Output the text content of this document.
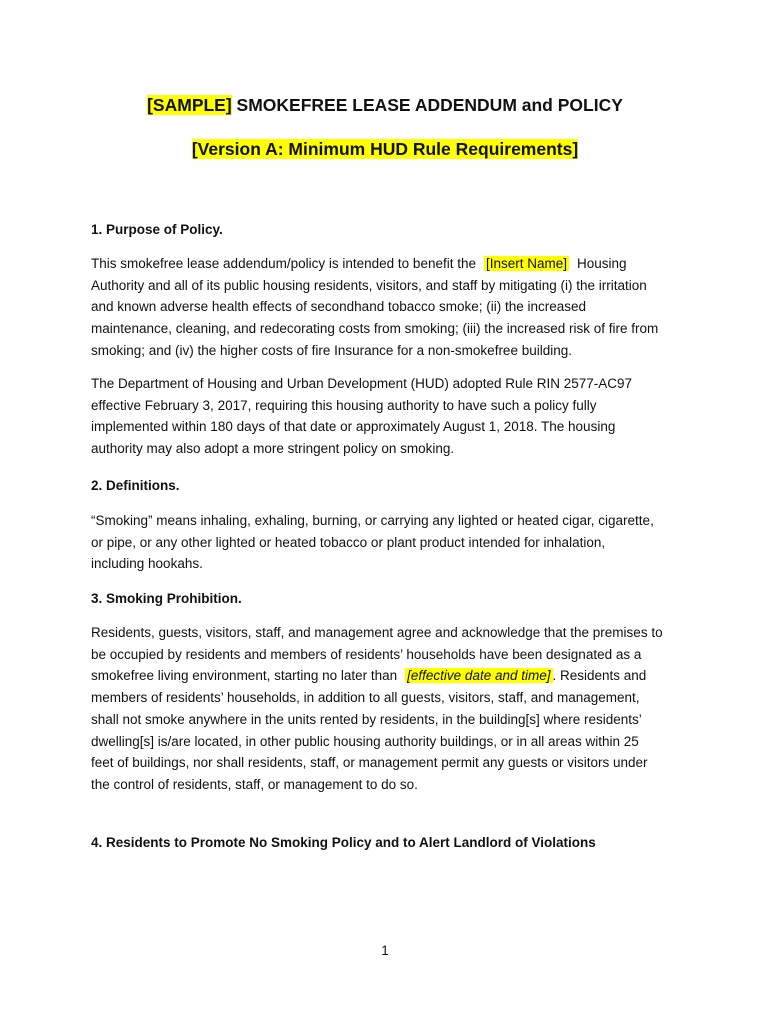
[SAMPLE] SMOKEFREE LEASE ADDENDUM and POLICY
[Version A: Minimum HUD Rule Requirements]
1. Purpose of Policy.
This smokefree lease addendum/policy is intended to benefit the [Insert Name] Housing
Authority and all of its public housing residents, visitors, and staff by mitigating (i) the irritation
and known adverse health effects of secondhand tobacco smoke; (ii) the increased
maintenance, cleaning, and redecorating costs from smoking; (iii) the increased risk of fire from
smoking; and (iv) the higher costs of fire Insurance for a non-smokefree building.
The Department of Housing and Urban Development (HUD) adopted Rule RIN 2577-AC97
effective February 3, 2017, requiring this housing authority to have such a policy fully
implemented within 180 days of that date or approximately August 1, 2018. The housing
authority may also adopt a more stringent policy on smoking.
2. Definitions.
“Smoking” means inhaling, exhaling, burning, or carrying any lighted or heated cigar, cigarette,
or pipe, or any other lighted or heated tobacco or plant product intended for inhalation,
including hookahs.
3. Smoking Prohibition.
Residents, guests, visitors, staff, and management agree and acknowledge that the premises to
be occupied by residents and members of residents’ households have been designated as a
smokefree living environment, starting no later than [effective date and time] . Residents and
members of residents’ households, in addition to all guests, visitors, staff, and management,
shall not smoke anywhere in the units rented by residents, in the building[s] where residents’
dwelling[s] is/are located, in other public housing authority buildings, or in all areas within 25
feet of buildings, nor shall residents, staff, or management permit any guests or visitors under
the control of residents, staff, or management to do so.
4. Residents to Promote No Smoking Policy and to Alert Landlord of Violations
1
